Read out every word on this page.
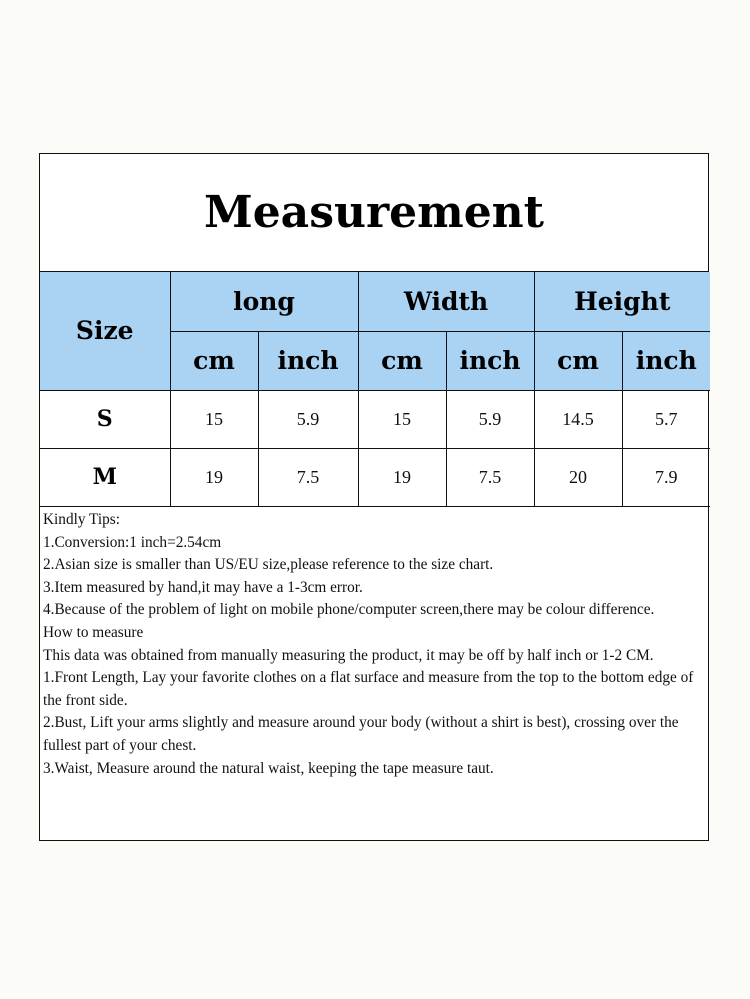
Measurement
Size	long		Width		Height	
	cm	inch	cm	inch	cm	inch
S	15	5.9	15	5.9	14.5	5.7
M	19	7.5	19	7.5	20	7.9

Kindly Tips:

1.Conversion:1 inch=2.54cm

2.Asian size is smaller than US/EU size,please reference to the size chart.

3.Item measured by hand,it may have a 1-3cm error.

4.Because of the problem of light on mobile phone/computer screen,there may be colour difference.

How to measure

This data was obtained from manually measuring the product, it may be off by half inch or 1-2 CM.

1.Front Length, Lay your favorite clothes on a flat surface and measure from the top to the bottom edge of the front side.

2.Bust, Lift your arms slightly and measure around your body (without a shirt is best), crossing over the fullest part of your chest.

3.Waist, Measure around the natural waist, keeping the tape measure taut.
